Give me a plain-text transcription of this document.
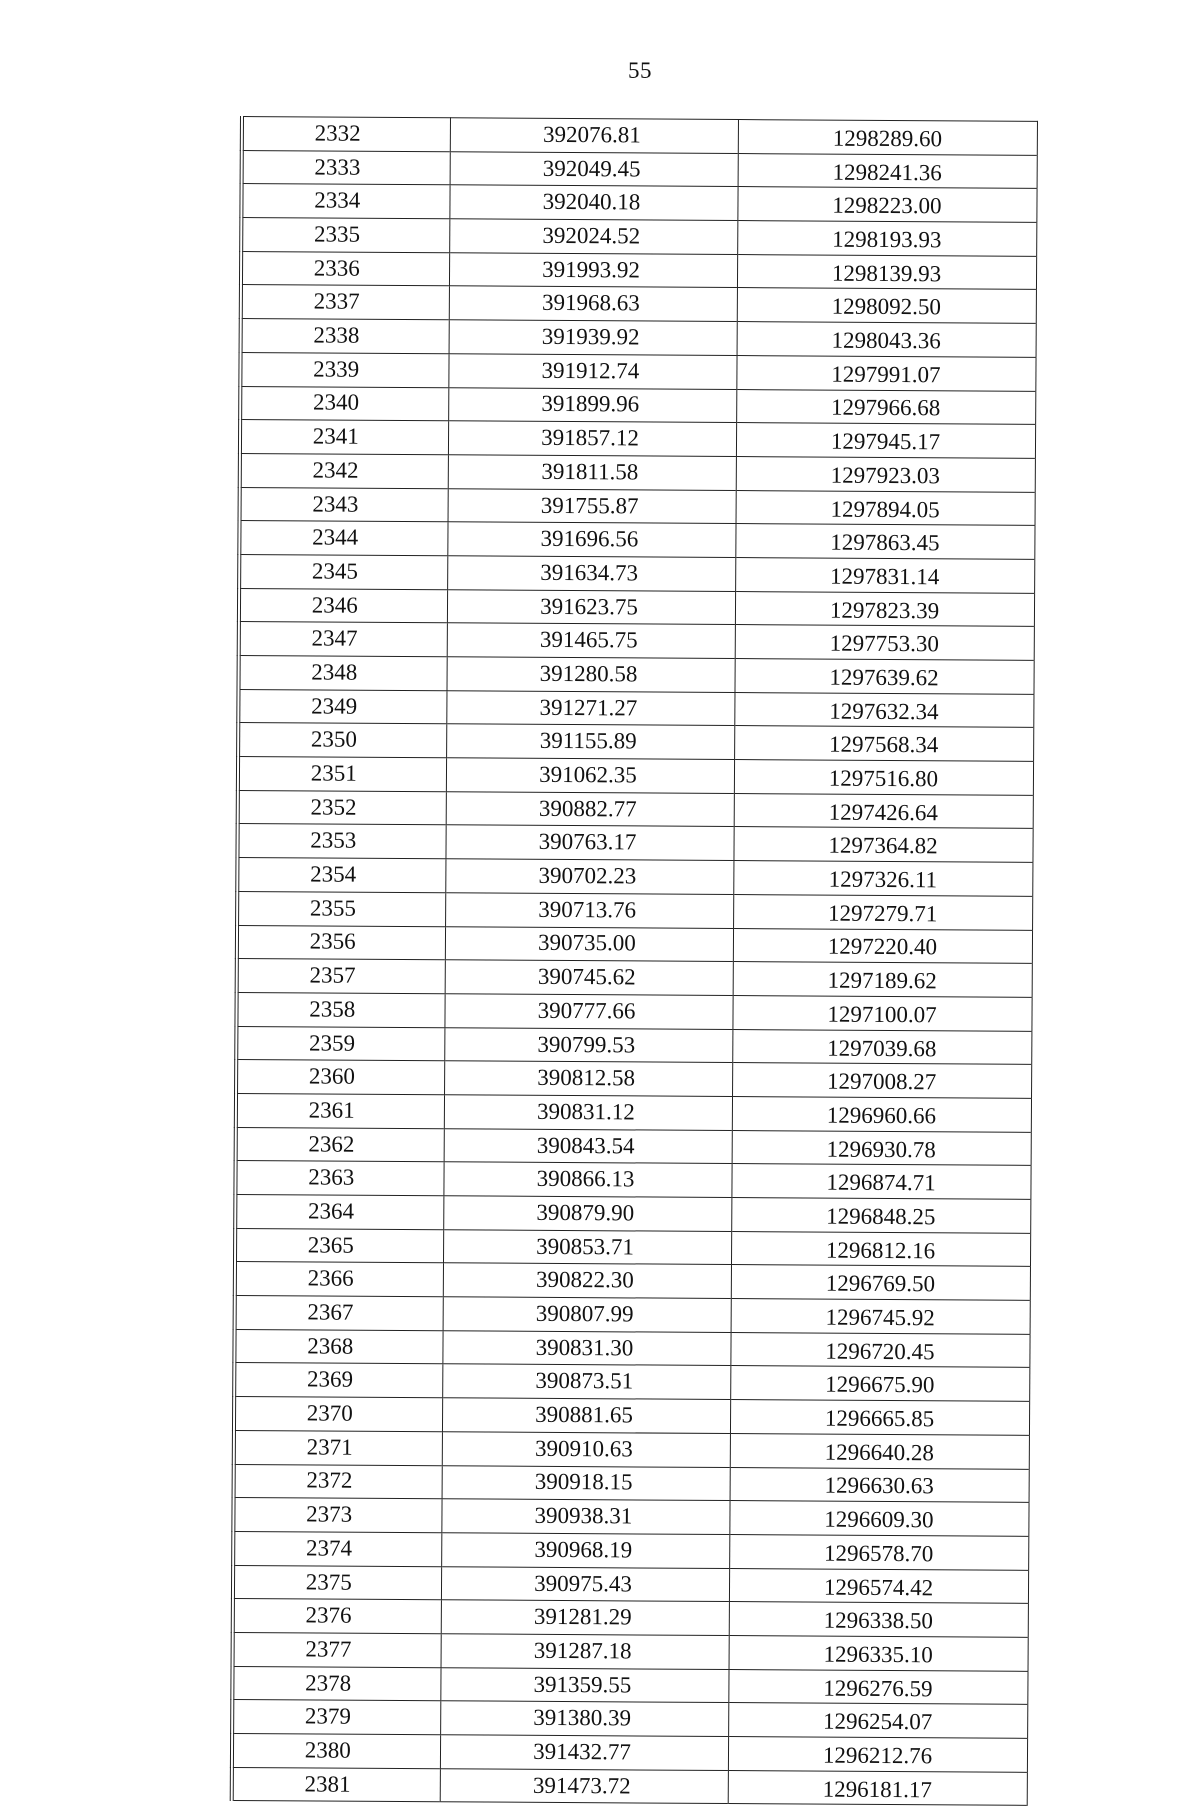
55
2332	392076.81	1298289.60
2333	392049.45	1298241.36
2334	392040.18	1298223.00
2335	392024.52	1298193.93
2336	391993.92	1298139.93
2337	391968.63	1298092.50
2338	391939.92	1298043.36
2339	391912.74	1297991.07
2340	391899.96	1297966.68
2341	391857.12	1297945.17
2342	391811.58	1297923.03
2343	391755.87	1297894.05
2344	391696.56	1297863.45
2345	391634.73	1297831.14
2346	391623.75	1297823.39
2347	391465.75	1297753.30
2348	391280.58	1297639.62
2349	391271.27	1297632.34
2350	391155.89	1297568.34
2351	391062.35	1297516.80
2352	390882.77	1297426.64
2353	390763.17	1297364.82
2354	390702.23	1297326.11
2355	390713.76	1297279.71
2356	390735.00	1297220.40
2357	390745.62	1297189.62
2358	390777.66	1297100.07
2359	390799.53	1297039.68
2360	390812.58	1297008.27
2361	390831.12	1296960.66
2362	390843.54	1296930.78
2363	390866.13	1296874.71
2364	390879.90	1296848.25
2365	390853.71	1296812.16
2366	390822.30	1296769.50
2367	390807.99	1296745.92
2368	390831.30	1296720.45
2369	390873.51	1296675.90
2370	390881.65	1296665.85
2371	390910.63	1296640.28
2372	390918.15	1296630.63
2373	390938.31	1296609.30
2374	390968.19	1296578.70
2375	390975.43	1296574.42
2376	391281.29	1296338.50
2377	391287.18	1296335.10
2378	391359.55	1296276.59
2379	391380.39	1296254.07
2380	391432.77	1296212.76
2381	391473.72	1296181.17
